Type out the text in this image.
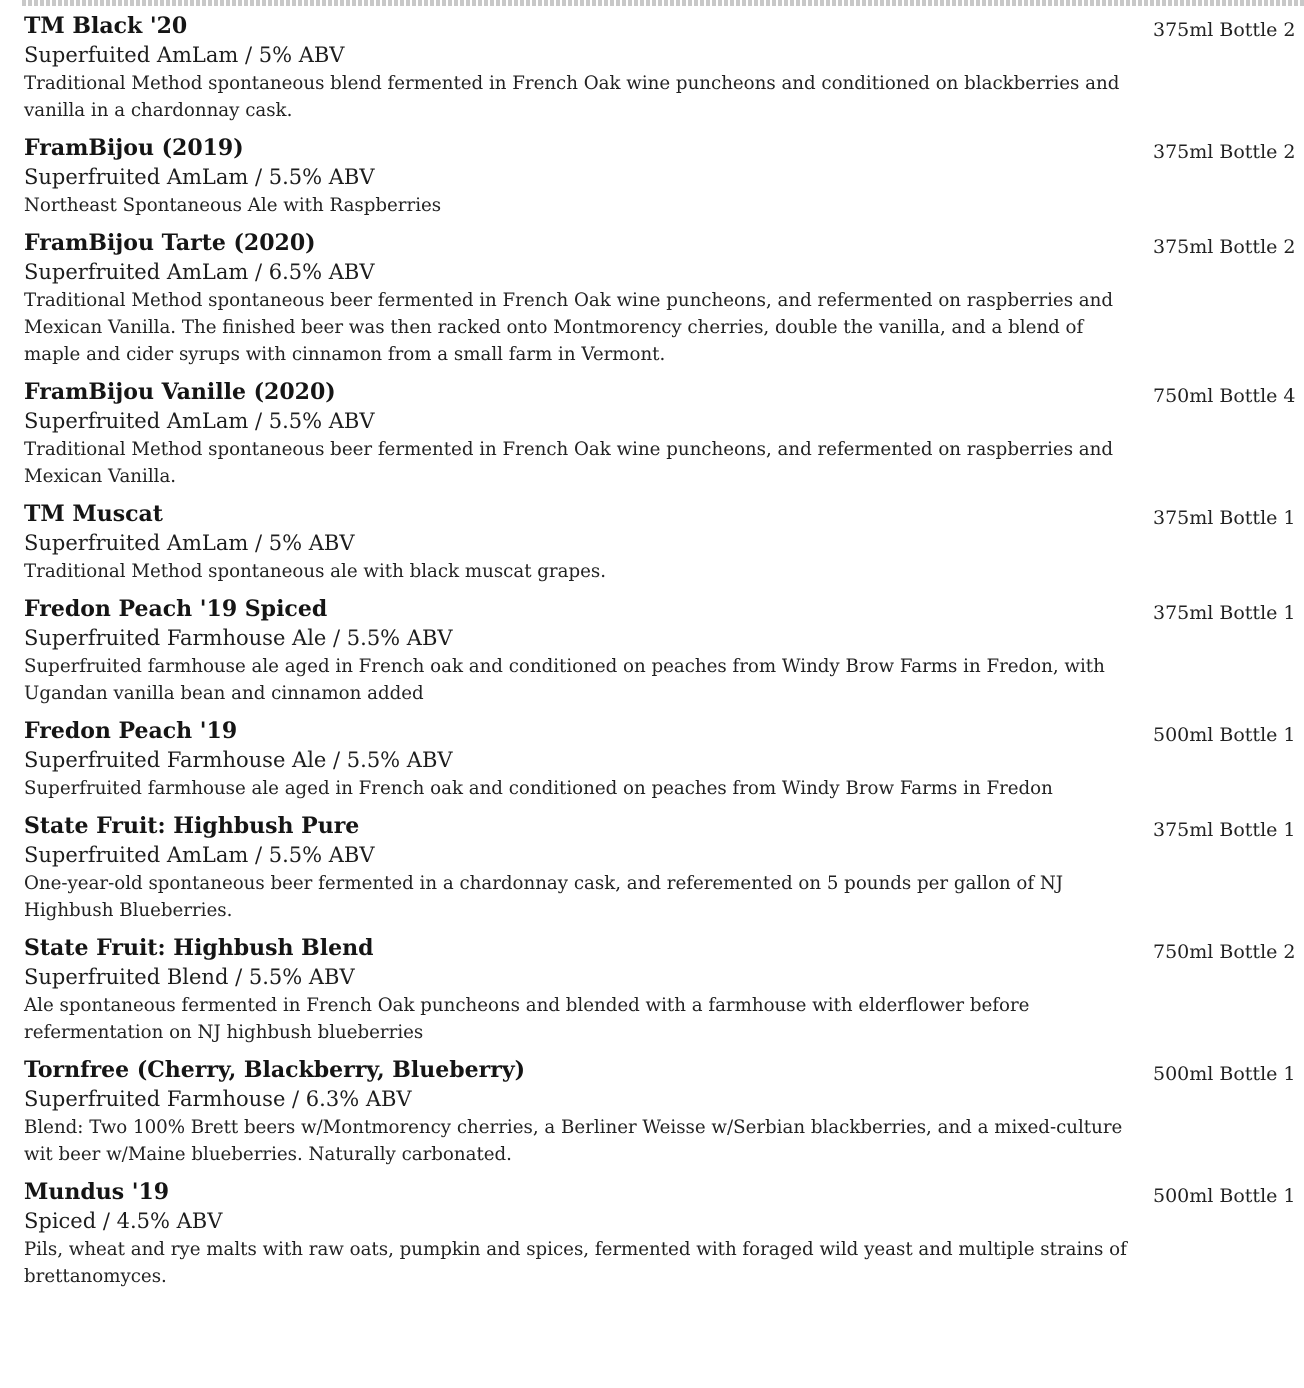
TM Black '20
Superfuited AmLam / 5% ABV
Traditional Method spontaneous blend fermented in French Oak wine puncheons and conditioned on blackberries and vanilla in a chardonnay cask.
375ml Bottle 2
FramBijou (2019)
Superfruited AmLam / 5.5% ABV
Northeast Spontaneous Ale with Raspberries
375ml Bottle 2
FramBijou Tarte (2020)
Superfruited AmLam / 6.5% ABV
Traditional Method spontaneous beer fermented in French Oak wine puncheons, and refermented on raspberries and Mexican Vanilla. The finished beer was then racked onto Montmorency cherries, double the vanilla, and a blend of maple and cider syrups with cinnamon from a small farm in Vermont.
375ml Bottle 2
FramBijou Vanille (2020)
Superfruited AmLam / 5.5% ABV
Traditional Method spontaneous beer fermented in French Oak wine puncheons, and refermented on raspberries and Mexican Vanilla.
750ml Bottle 4
TM Muscat
Superfruited AmLam / 5% ABV
Traditional Method spontaneous ale with black muscat grapes.
375ml Bottle 1
Fredon Peach '19 Spiced
Superfruited Farmhouse Ale / 5.5% ABV
Superfruited farmhouse ale aged in French oak and conditioned on peaches from Windy Brow Farms in Fredon, with Ugandan vanilla bean and cinnamon added
375ml Bottle 1
Fredon Peach '19
Superfruited Farmhouse Ale / 5.5% ABV
Superfruited farmhouse ale aged in French oak and conditioned on peaches from Windy Brow Farms in Fredon
500ml Bottle 1
State Fruit: Highbush Pure
Superfruited AmLam / 5.5% ABV
One-year-old spontaneous beer fermented in a chardonnay cask, and referemented on 5 pounds per gallon of NJ Highbush Blueberries.
375ml Bottle 1
State Fruit: Highbush Blend
Superfruited Blend / 5.5% ABV
Ale spontaneous fermented in French Oak puncheons and blended with a farmhouse with elderflower before refermentation on NJ highbush blueberries
750ml Bottle 2
Tornfree (Cherry, Blackberry, Blueberry)
Superfruited Farmhouse / 6.3% ABV
Blend: Two 100% Brett beers w/Montmorency cherries, a Berliner Weisse w/Serbian blackberries, and a mixed-culture wit beer w/Maine blueberries. Naturally carbonated.
500ml Bottle 1
Mundus '19
Spiced / 4.5% ABV
Pils, wheat and rye malts with raw oats, pumpkin and spices, fermented with foraged wild yeast and multiple strains of brettanomyces.
500ml Bottle 1
